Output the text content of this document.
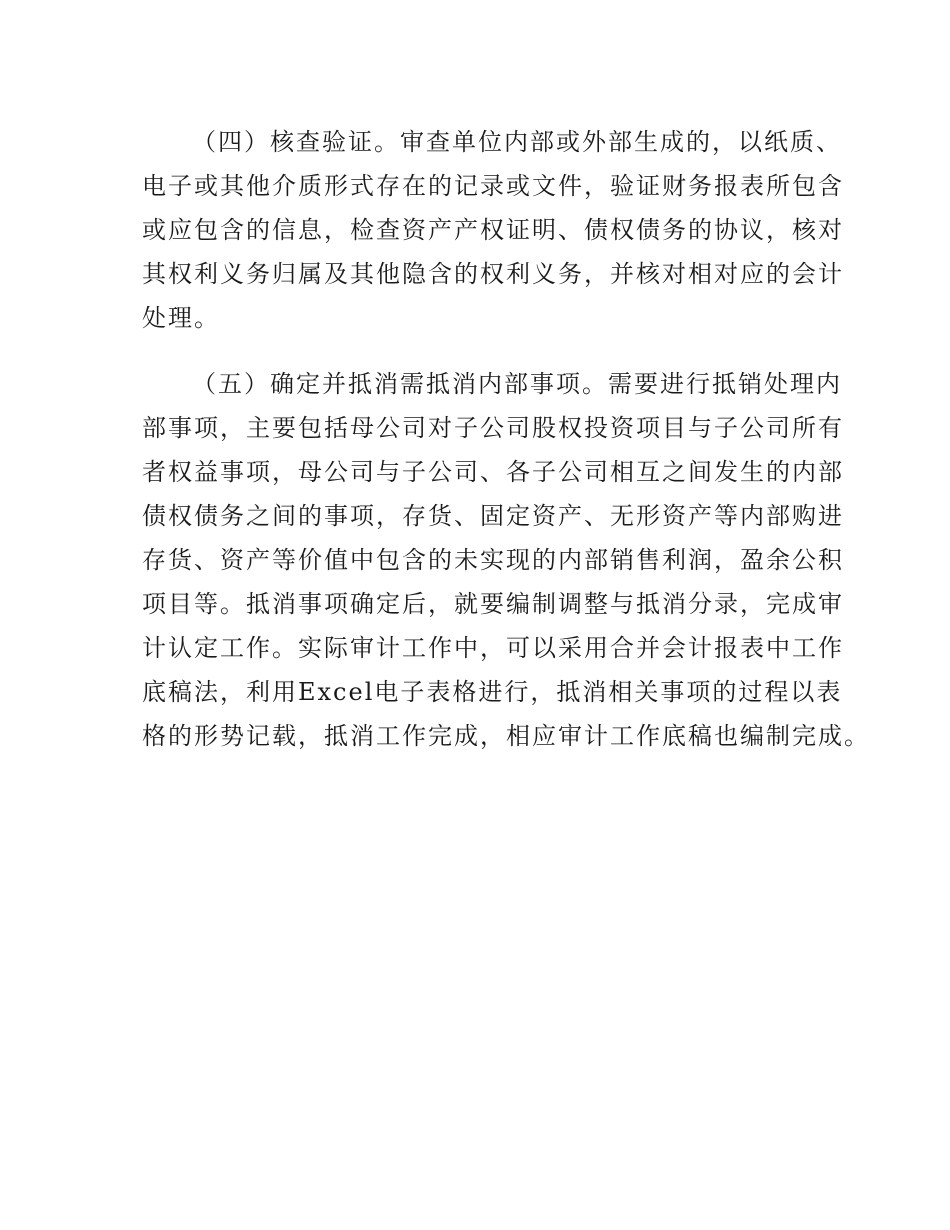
（四）核查验证。审查单位内部或外部生成的，以纸质、
电子或其他介质形式存在的记录或文件，验证财务报表所包含
或应包含的信息，检查资产产权证明、债权债务的协议，核对
其权利义务归属及其他隐含的权利义务，并核对相对应的会计
处理。

（五）确定并抵消需抵消内部事项。需要进行抵销处理内
部事项，主要包括母公司对子公司股权投资项目与子公司所有
者权益事项，母公司与子公司、各子公司相互之间发生的内部
债权债务之间的事项，存货、固定资产、无形资产等内部购进
存货、资产等价值中包含的未实现的内部销售利润，盈余公积
项目等。抵消事项确定后，就要编制调整与抵消分录，完成审
计认定工作。实际审计工作中，可以采用合并会计报表中工作
底稿法，利用Excel电子表格进行，抵消相关事项的过程以表
格的形势记载，抵消工作完成，相应审计工作底稿也编制完成。
